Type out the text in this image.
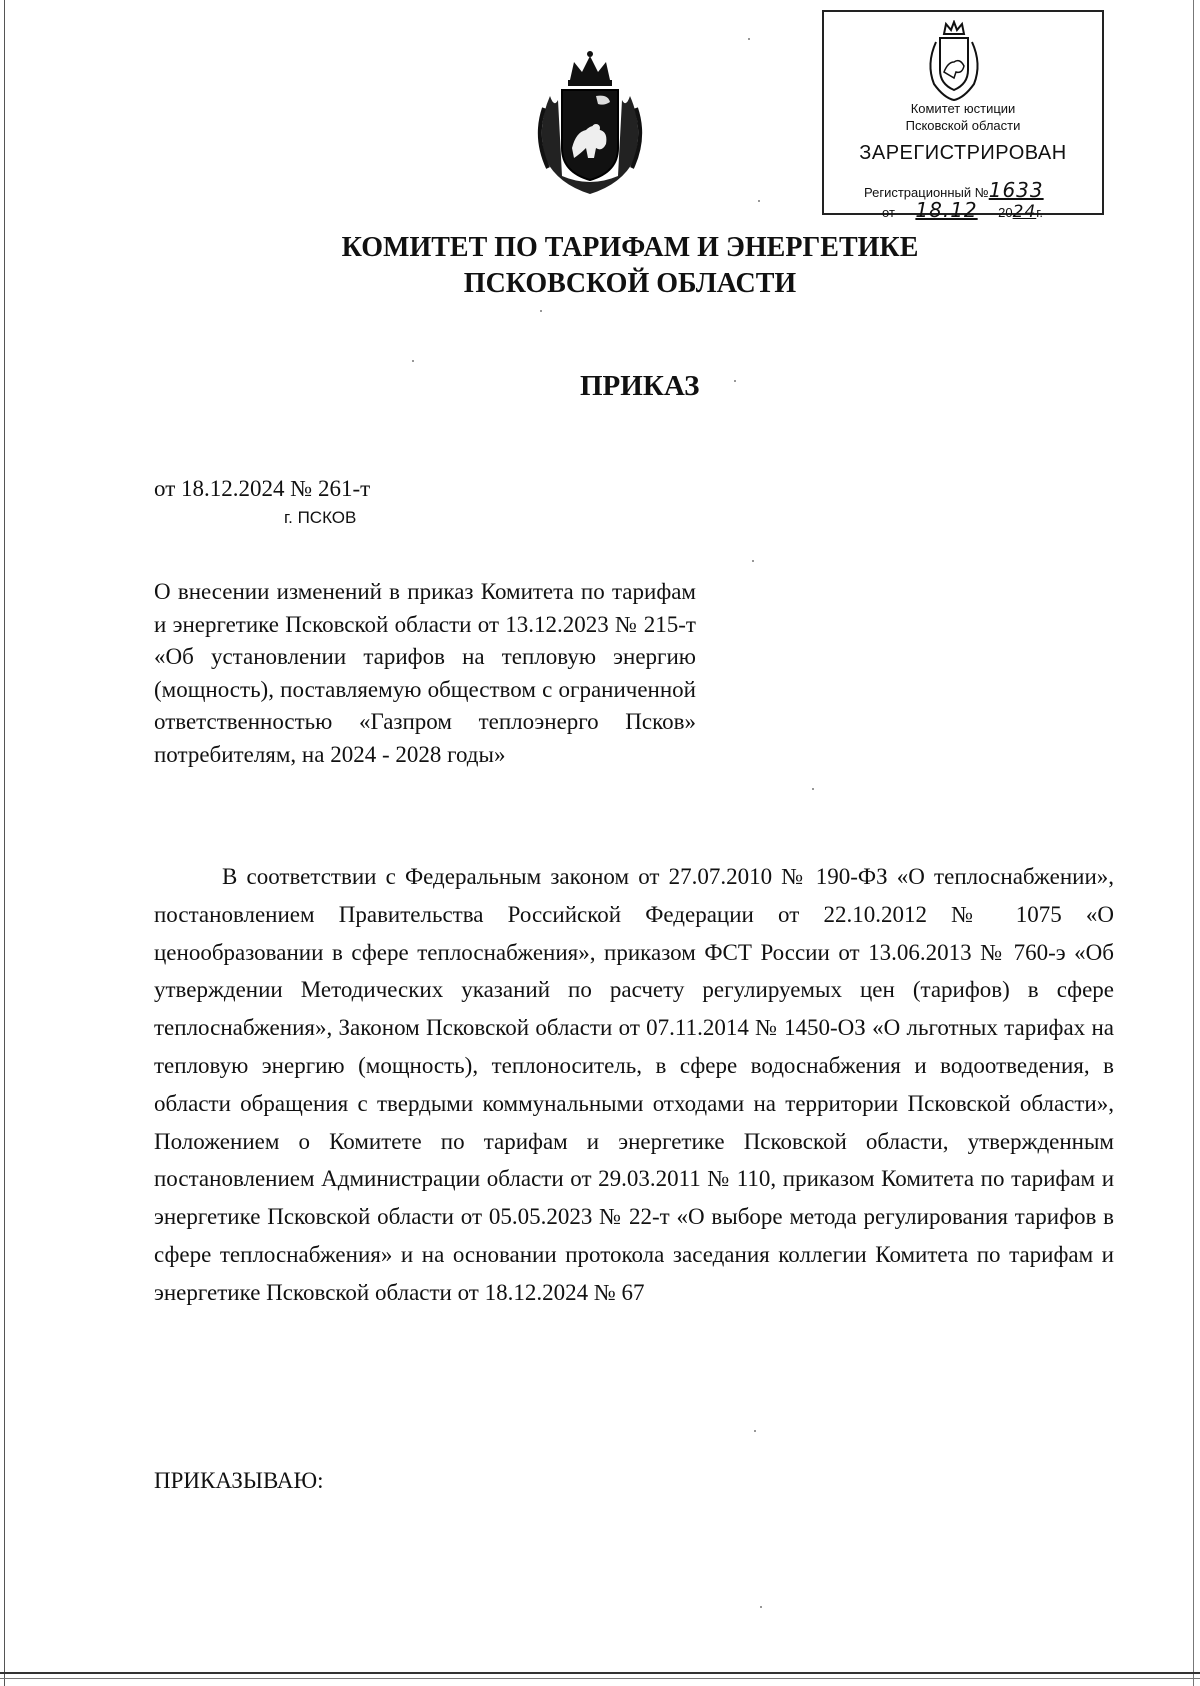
Комитет юстиции
Псковской области
ЗАРЕГИСТРИРОВАН
Регистрационный №1633
от 18.12 2024г.
КОМИТЕТ ПО ТАРИФАМ И ЭНЕРГЕТИКЕ
ПСКОВСКОЙ ОБЛАСТИ
ПРИКАЗ
от 18.12.2024 № 261-т
г. ПСКОВ
О внесении изменений в приказ Комитета по тарифам и энергетике Псковской области от 13.12.2023 № 215-т «Об установлении тарифов на тепловую энергию (мощность), поставляемую обществом с ограниченной ответственностью «Газпром теплоэнерго Псков» потребителям, на 2024 - 2028 годы»
В соответствии с Федеральным законом от 27.07.2010 № 190-ФЗ «О теплоснабжении», постановлением Правительства Российской Федерации от 22.10.2012 № 1075 «О ценообразовании в сфере теплоснабжения», приказом ФСТ России от 13.06.2013 № 760-э «Об утверждении Методических указаний по расчету регулируемых цен (тарифов) в сфере теплоснабжения», Законом Псковской области от 07.11.2014 № 1450-ОЗ «О льготных тарифах на тепловую энергию (мощность), теплоноситель, в сфере водоснабжения и водоотведения, в области обращения с твердыми коммунальными отходами на территории Псковской области», Положением о Комитете по тарифам и энергетике Псковской области, утвержденным постановлением Администрации области от 29.03.2011 № 110, приказом Комитета по тарифам и энергетике Псковской области от 05.05.2023 № 22-т «О выборе метода регулирования тарифов в сфере теплоснабжения» и на основании протокола заседания коллегии Комитета по тарифам и энергетике Псковской области от 18.12.2024 № 67
ПРИКАЗЫВАЮ:
